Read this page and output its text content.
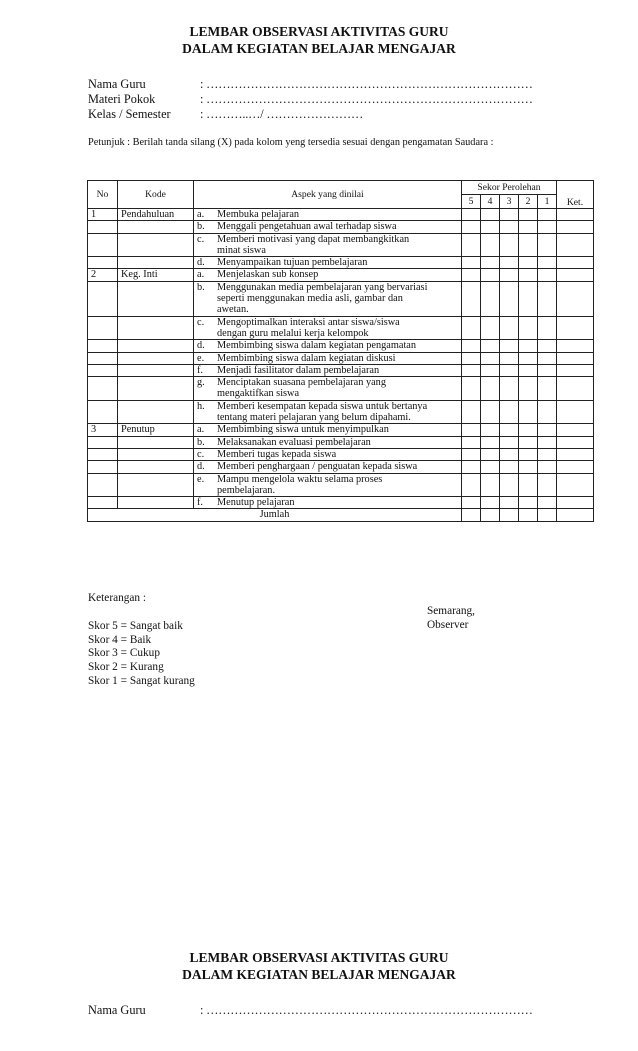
LEMBAR OBSERVASI AKTIVITAS GURU
DALAM KEGIATAN BELAJAR MENGAJAR
Nama Guru	: ………………………………………………………………………
Materi Pokok	: ………………………………………………………………………
Kelas / Semester : ………..…/ ……………………
Petunjuk : Berilah tanda silang (X) pada kolom yeng tersedia sesuai dengan pengamatan Saudara :
No	Kode	Aspek yang dinilai	Sekor Perolehan					Ket.
			5	4	3	2	1	
1	Pendahuluan	a. Membuka pelajaran						

		b. Menggali pengetahuan awal terhadap siswa						

		c. Memberi motivasi yang dapat membangkitkan
minat siswa						

		d. Menyampaikan tujuan pembelajaran						

2	Keg. Inti	a. Menjelaskan sub konsep						

		b. Menggunakan media pembelajaran yang bervariasi
seperti menggunakan media asli, gambar dan
awetan.						

		c. Mengoptimalkan interaksi antar siswa/siswa
dengan guru melalui kerja kelompok						

		d. Membimbing siswa dalam kegiatan pengamatan						

		e. Membimbing siswa dalam kegiatan diskusi						

		f. Menjadi fasilitator dalam pembelajaran						

		g. Menciptakan suasana pembelajaran yang
mengaktifkan siswa						

		h. Memberi kesempatan kepada siswa untuk bertanya
tentang materi pelajaran yang belum dipahami.						

3	Penutup	a. Membimbing siswa untuk menyimpulkan						

		b. Melaksanakan evaluasi pembelajaran						

		c. Memberi tugas kepada siswa						

		d. Memberi penghargaan / penguatan kepada siswa						

		e. Mampu mengelola waktu selama proses
pembelajaran.						

		f. Menutup pelajaran						

Jumlah								
Keterangan :
Skor 5 = Sangat baik
Skor 4 = Baik
Skor 3 = Cukup
Skor 2 = Kurang
Skor 1 = Sangat kurang
Semarang,
Observer
LEMBAR OBSERVASI AKTIVITAS GURU
DALAM KEGIATAN BELAJAR MENGAJAR
Nama Guru	: ………………………………………………………………………
